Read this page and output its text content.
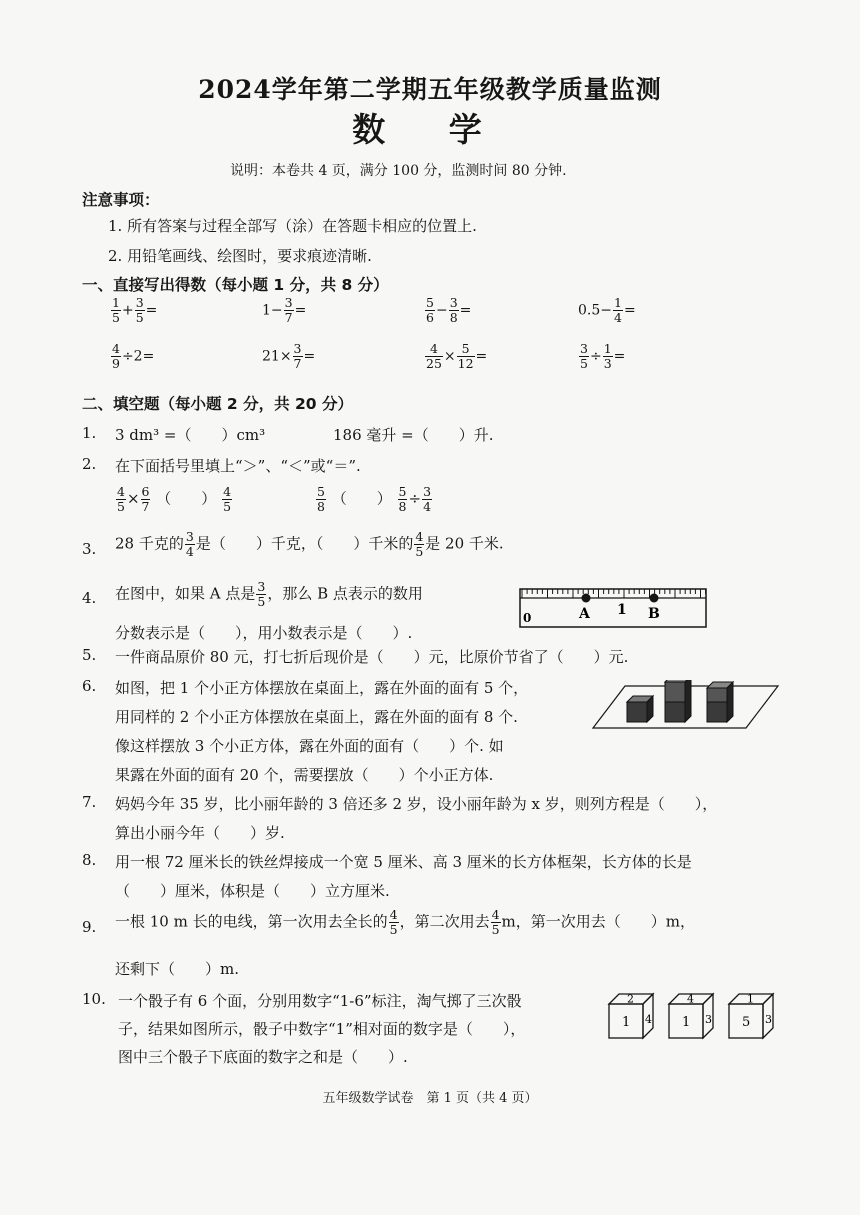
2024学年第二学期五年级教学质量监测
数 学
说明：本卷共 4 页，满分 100 分，监测时间 80 分钟.
注意事项：
1. 所有答案与过程全部写（涂）在答题卡相应的位置上.
2. 用铅笔画线、绘图时，要求痕迹清晰.
一、直接写出得数（每小题 1 分，共 8 分）
$\frac{1}{5} + \frac{3}{5}$ =	$1- \frac{3}{7}$ =	$\frac{5}{6} - \frac{3}{8}$ =	$0.5- \frac{1}{4}$ =
$\frac{4}{9} \div 2=$	$21\times \frac{3}{7}$ =	$\frac{4}{25} \times \frac{5}{12}$ =	$\frac{3}{5} \div \frac{1}{3}$ =
二、填空题（每小题 2 分，共 20 分）
1. 3 dm³ =（　　）cm³	186 毫升 =（　　）升.
2. 在下面括号里填上“＞”、“＜”或“＝”.
$\frac{4}{5} \times \frac{6}{7}$ （　　） $\frac{4}{5}$	$\frac{5}{8}$ （　　） $\frac{5}{8} \div \frac{3}{4}$
3. 28 千克的 $\frac{3}{4}$ 是（　　）千克，（　　）千米的 $\frac{4}{5}$ 是 20 千米.
4. 在图中，如果 A 点是 $\frac{3}{5}$ ，那么 B 点表示的数用
分数表示是（　　），用小数表示是（　　）.
0	A 1 B
5. 一件商品原价 80 元，打七折后现价是（　　）元，比原价节省了（　　）元.
6. 如图，把 1 个小正方体摆放在桌面上，露在外面的面有 5 个，
用同样的 2 个小正方体摆放在桌面上，露在外面的面有 8 个.
像这样摆放 3 个小正方体，露在外面的面有（　　）个. 如
果露在外面的面有 20 个，需要摆放（　　）个小正方体.
7. 妈妈今年 35 岁，比小丽年龄的 3 倍还多 2 岁，设小丽年龄为 x 岁，则列方程是（　　），
算出小丽今年（　　）岁.
8. 用一根 72 厘米长的铁丝焊接成一个宽 5 厘米、高 3 厘米的长方体框架，长方体的长是
（　　）厘米，体积是（　　）立方厘米.
9. 一根 10 m 长的电线，第一次用去全长的 $\frac{4}{5}$ ，第二次用去 $\frac{4}{5}$ m，第一次用去（　　）m，
还剩下（　　）m.
10. 一个骰子有 6 个面，分别用数字“1-6”标注，淘气掷了三次骰
子，结果如图所示，骰子中数字“1”相对面的数字是（　　），
图中三个骰子下底面的数字之和是（　　）.
2
1 4
4
1 3
1
5 3
五年级数学试卷　第 1 页（共 4 页）
